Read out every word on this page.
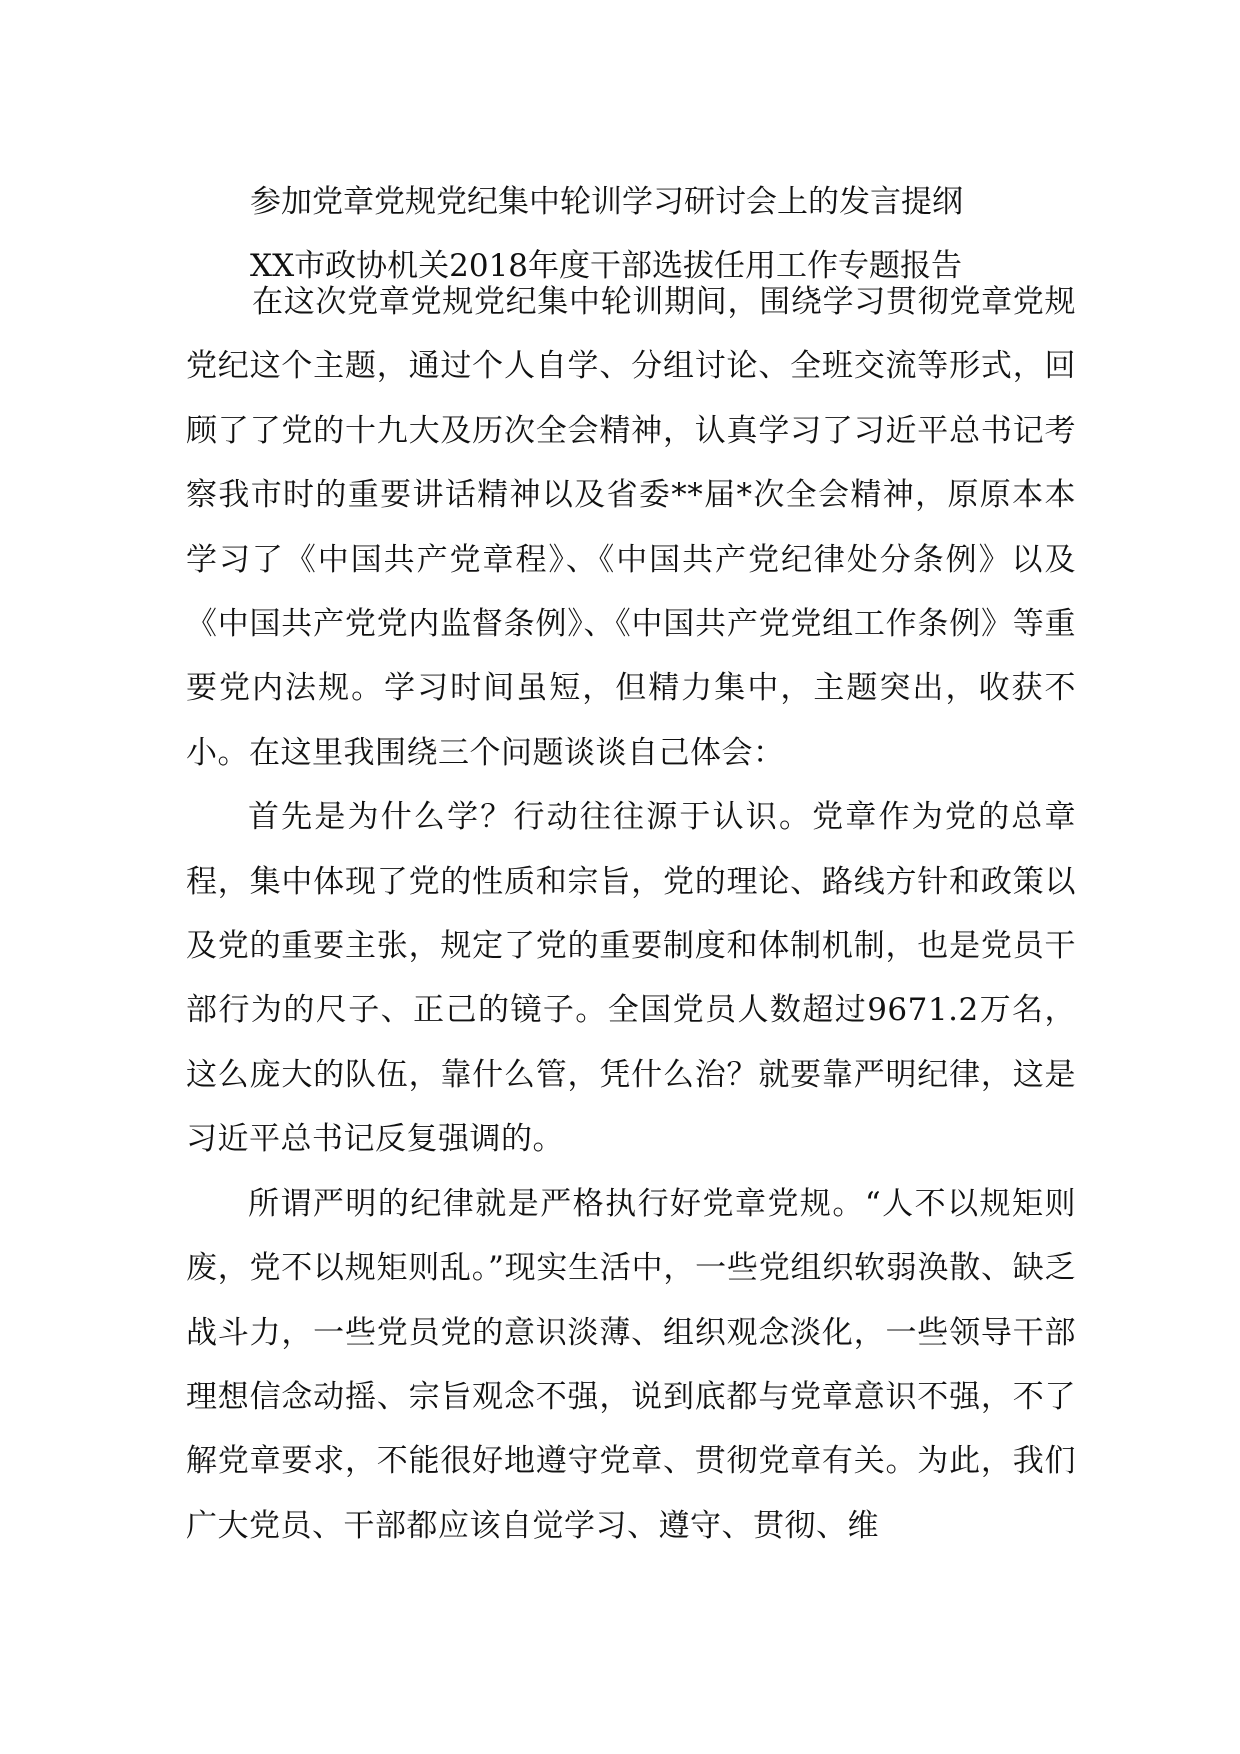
参加党章党规党纪集中轮训学习研讨会上的发言提纲
XX市政协机关2018年度干部选拔任用工作专题报告

在这次党章党规党纪集中轮训期间，围绕学习贯彻党章党规党纪这个主题，通过个人自学、分组讨论、全班交流等形式，回顾了了党的十九大及历次全会精神，认真学习了习近平总书记考察我市时的重要讲话精神以及省委**届*次全会精神，原原本本学习了《中国共产党章程》、《中国共产党纪律处分条例》以及《中国共产党党内监督条例》、《中国共产党党组工作条例》等重要党内法规。学习时间虽短，但精力集中，主题突出，收获不小。在这里我围绕三个问题谈谈自己体会：

首先是为什么学？行动往往源于认识。党章作为党的总章程，集中体现了党的性质和宗旨，党的理论、路线方针和政策以及党的重要主张，规定了党的重要制度和体制机制，也是党员干部行为的尺子、正己的镜子。全国党员人数超过9671.2万名，这么庞大的队伍，靠什么管，凭什么治？就要靠严明纪律，这是习近平总书记反复强调的。

所谓严明的纪律就是严格执行好党章党规。“人不以规矩则废，党不以规矩则乱。”现实生活中，一些党组织软弱涣散、缺乏战斗力，一些党员党的意识淡薄、组织观念淡化，一些领导干部理想信念动摇、宗旨观念不强，说到底都与党章意识不强，不了解党章要求，不能很好地遵守党章、贯彻党章有关。为此，我们广大党员、干部都应该自觉学习、遵守、贯彻、维
